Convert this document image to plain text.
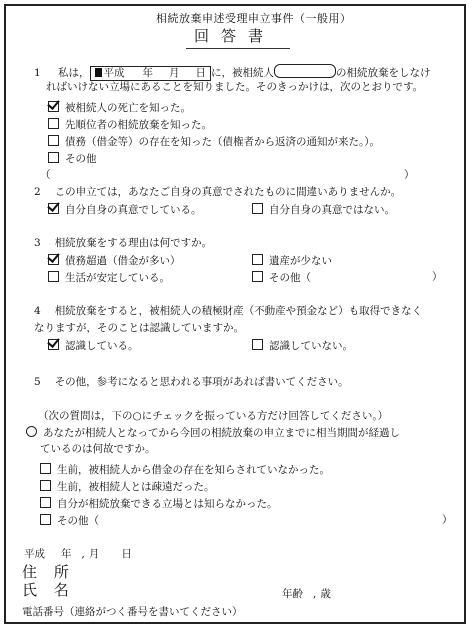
相続放棄申述受理申立事件（一般用）
回答書
1 私は， 平成 年 月 日 に，被相続人	の相続放棄をしなけ
ればいけない立場にあることを知りました。そのきっかけは，次のとおりです。
被相続人の死亡を知った。
先順位者の相続放棄を知った。
債務（借金等）の存在を知った（債権者から返済の通知が来た。）。
その他
（	）
2 この申立ては，あなたご自身の真意でされたものに間違いありませんか。
自分自身の真意でしている。	自分自身の真意ではない。
3 相続放棄をする理由は何ですか。
債務超過（借金が多い）	遺産が少ない
生活が安定している。	その他（	）
4 相続放棄をすると，被相続人の積極財産（不動産や預金など）も取得できなく
なりますが，そのことは認識していますか。
認識している。	認識していない。
5 その他，参考になると思われる事項があれば書いてください。
（次の質問は，下の○にチェックを振っている方だけ回答してください。）
あなたが相続人となってから今回の相続放棄の申立までに相当期間が経過し
ているのは何故ですか。
生前，被相続人から借金の存在を知らされていなかった。
生前，被相続人とは疎遠だった。
自分が相続放棄できる立場とは知らなかった。
その他（	）
平成 年 , 月 日
住 所
氏 名	年齢 , 歳
電話番号（連絡がつく番号を書いてください）
